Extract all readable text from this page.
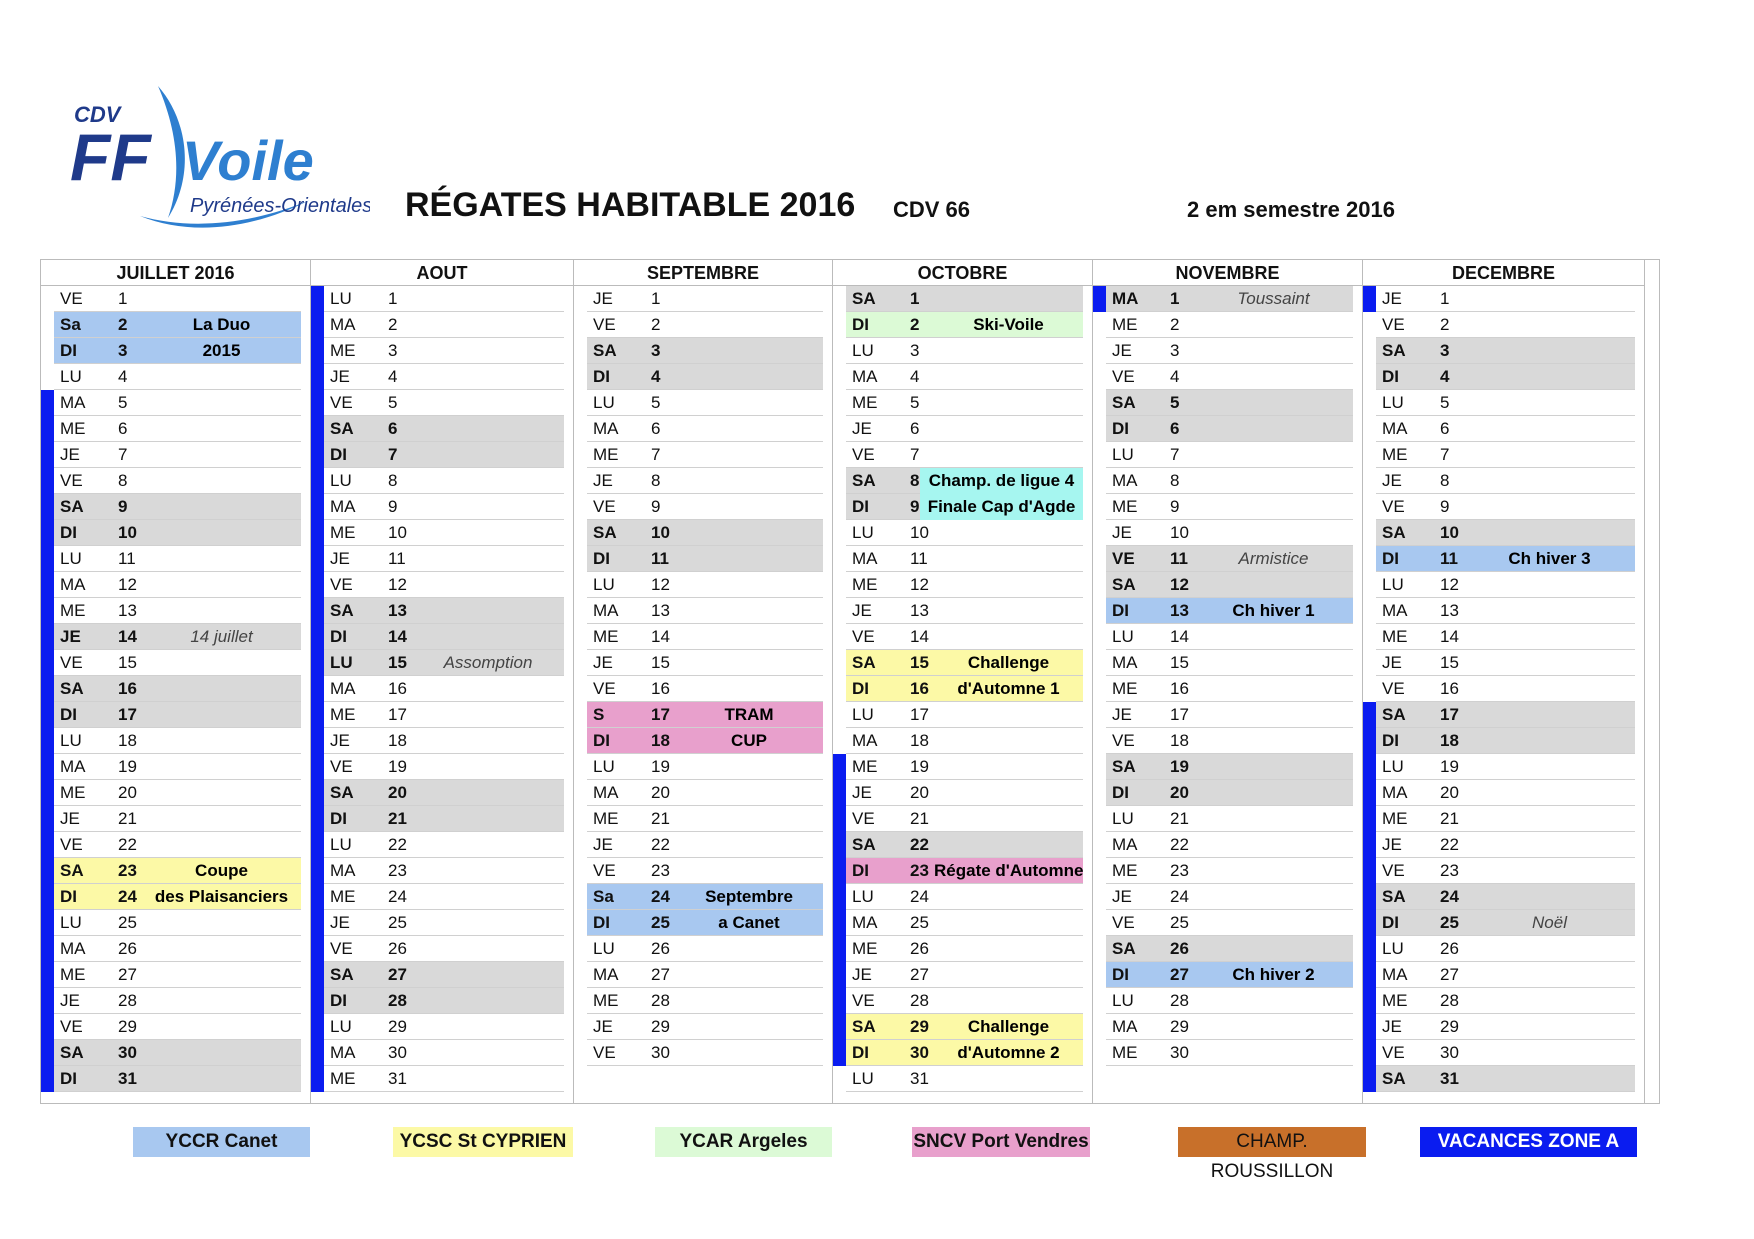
CDV
FF Voile
Pyrénées-Orientales RÉGATES HABITABLE 2016 CDV 66	2 em semestre 2016
JUILLET 2016
VE 1
Sa 2	La Duo
DI 3	2015
LU 4
MA 5
ME 6
JE 7
VE 8
SA 9
DI 10
LU 11
MA 12
ME 13
JE 14	14 juillet
VE 15
SA 16
DI 17
LU 18
MA 19
ME 20
JE 21
VE 22
SA 23	Coupe
DI 24	des Plaisanciers
LU 25
MA 26
ME 27
JE 28
VE 29
SA 30
DI 31
AOUT
LU 1
MA 2
ME 3
JE 4
VE 5
SA 6
DI 7
LU 8
MA 9
ME 10
JE 11
VE 12
SA 13
DI 14
LU 15	Assomption
MA 16
ME 17
JE 18
VE 19
SA 20
DI 21
LU 22
MA 23
ME 24
JE 25
VE 26
SA 27
DI 28
LU 29
MA 30
ME 31
SEPTEMBRE
JE 1
VE 2
SA 3
DI 4
LU 5
MA 6
ME 7
JE 8
VE 9
SA 10
DI 11
LU 12
MA 13
ME 14
JE 15
VE 16
S	17	TRAM
DI 18	CUP
LU 19
MA 20
ME 21
JE 22
VE 23
Sa 24	Septembre
DI 25	a Canet
LU 26
MA 27
ME 28
JE 29
VE 30
OCTOBRE
SA 1
DI 2	Ski-Voile
LU 3
MA 4
ME 5
JE 6
VE 7
SA 8 Champ. de ligue 4
DI 9 Finale Cap d'Agde
LU 10
MA 11
ME 12
JE 13
VE 14
SA 15	Challenge
DI 16	d'Automne 1
LU 17
MA 18
ME 19
JE 20
VE 21
SA 22
DI 23 Régate d'Automne
LU 24
MA 25
ME 26
JE 27
VE 28
SA 29	Challenge
DI 30	d'Automne 2
LU 31
NOVEMBRE
MA 1	Toussaint
ME 2
JE 3
VE 4
SA 5
DI 6
LU 7
MA 8
ME 9
JE 10
VE 11	Armistice
SA 12
DI 13	Ch hiver 1
LU 14
MA 15
ME 16
JE 17
VE 18
SA 19
DI 20
LU 21
MA 22
ME 23
JE 24
VE 25
SA 26
DI 27	Ch hiver 2
LU 28
MA 29
ME 30
DECEMBRE
JE 1
VE 2
SA 3
DI 4
LU 5
MA 6
ME 7
JE 8
VE 9
SA 10
DI 11	Ch hiver 3
LU 12
MA 13
ME 14
JE 15
VE 16
SA 17
DI 18
LU 19
MA 20
ME 21
JE 22
VE 23
SA 24
DI 25	Noël
LU 26
MA 27
ME 28
JE 29
VE 30
SA 31
YCCR Canet	YCSC St CYPRIEN	YCAR Argeles	SNCV Port Vendres	CHAMP. ROUSSILLON
VACANCES ZONE A
